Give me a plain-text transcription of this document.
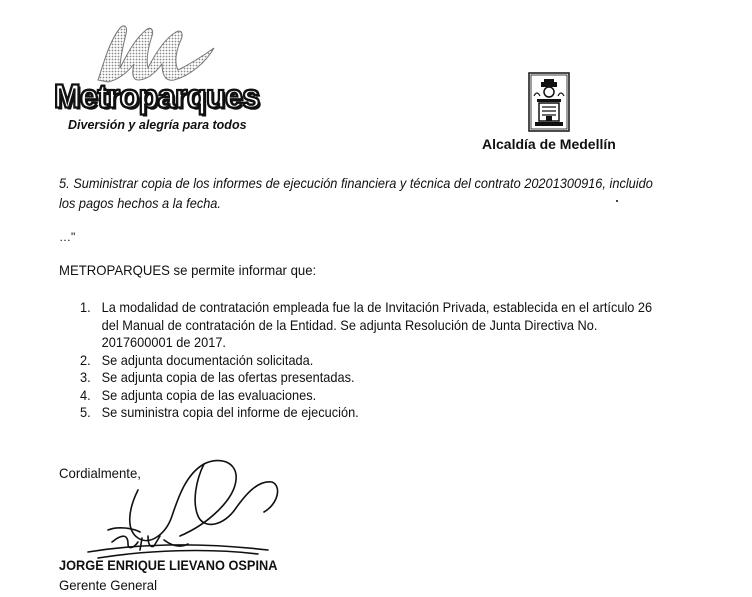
Metroparques
Diversión y alegría para todos
Alcaldía de Medellín
5. Suministrar copia de los informes de ejecución financiera y técnica del contrato 20201300916, incluido los pagos hechos a la fecha.
…"
METROPARQUES se permite informar que:
1. La modalidad de contratación empleada fue la de Invitación Privada, establecida en el artículo 26 del Manual de contratación de la Entidad. Se adjunta Resolución de Junta Directiva No. 2017600001 de 2017.
2. Se adjunta documentación solicitada.
3. Se adjunta copia de las ofertas presentadas.
4. Se adjunta copia de las evaluaciones.
5. Se suministra copia del informe de ejecución.
Cordialmente,
JORGE ENRIQUE LIEVANO OSPINA
Gerente General
